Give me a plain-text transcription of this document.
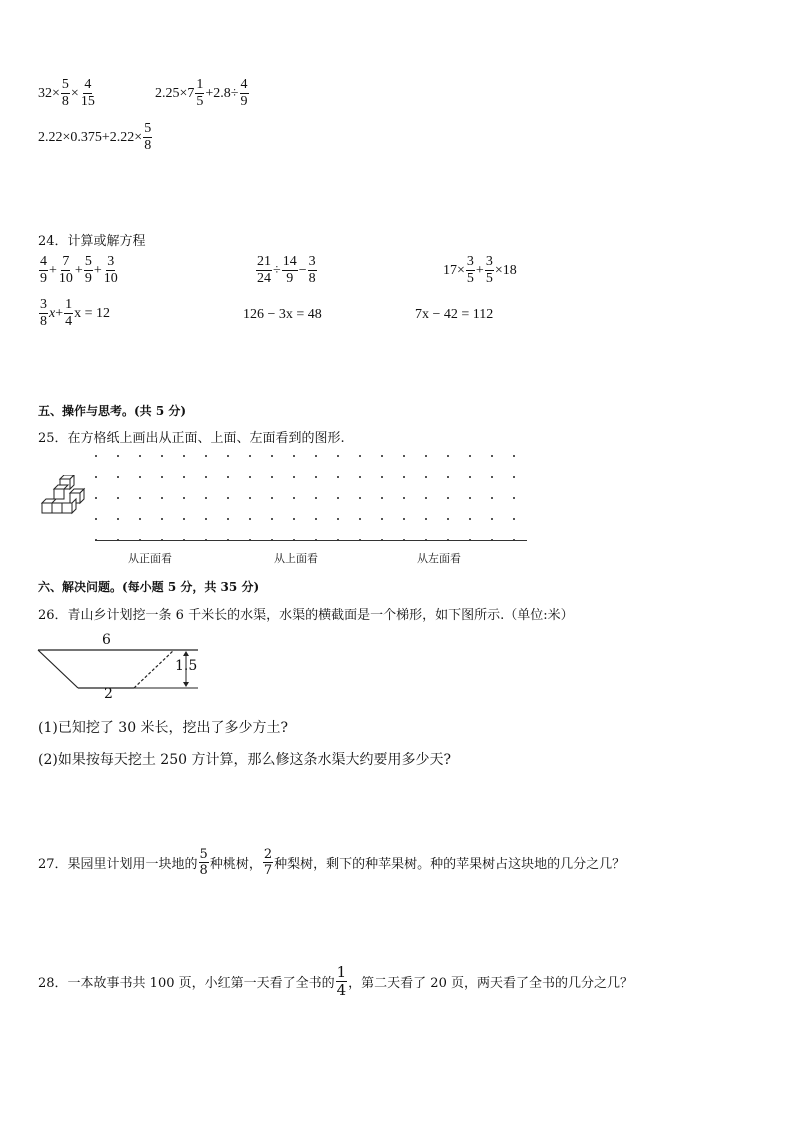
$32\times \frac{5}{8} \times \frac{4}{15}$	$2.25\times 7 \frac{1}{5} +2.8\div \frac{4}{9}$
$2.22\times 0.375+2.22\times \frac{5}{8}$
24．计算或解方程
$\frac{4}{9} + \frac{7}{10} + \frac{5}{9} + \frac{3}{10}$	$\frac{21}{24} \div \frac{14}{9} - \frac{3}{8}$	$17\times \frac{3}{5} + \frac{3}{5} \times 18$
$\frac{3}{8}$ $x + \frac{1}{4}$ x = 12	126 − 3x = 48	7x − 42 = 112
五、操作与思考。(共 5 分)
25．在方格纸上画出从正面、上面、左面看到的图形.
从正面看	从上面看	从左面看
六、解决问题。(每小题 5 分，共 35 分)
26．青山乡计划挖一条 6 千米长的水渠，水渠的横截面是一个梯形，如下图所示.（单位:米）
6
1.5
2
(1)已知挖了 30 米长，挖出了多少方土?
(2)如果按每天挖土 250 方计算，那么修这条水渠大约要用多少天?
27．果园里计划用一块地的 $\frac{5}{8}$ 种桃树， $\frac{2}{7}$ 种梨树，剩下的种苹果树。种的苹果树占这块地的几分之几？
28．一本故事书共 100 页，小红第一天看了全书的 $\frac{1}{4}$ ，第二天看了 20 页，两天看了全书的几分之几？
